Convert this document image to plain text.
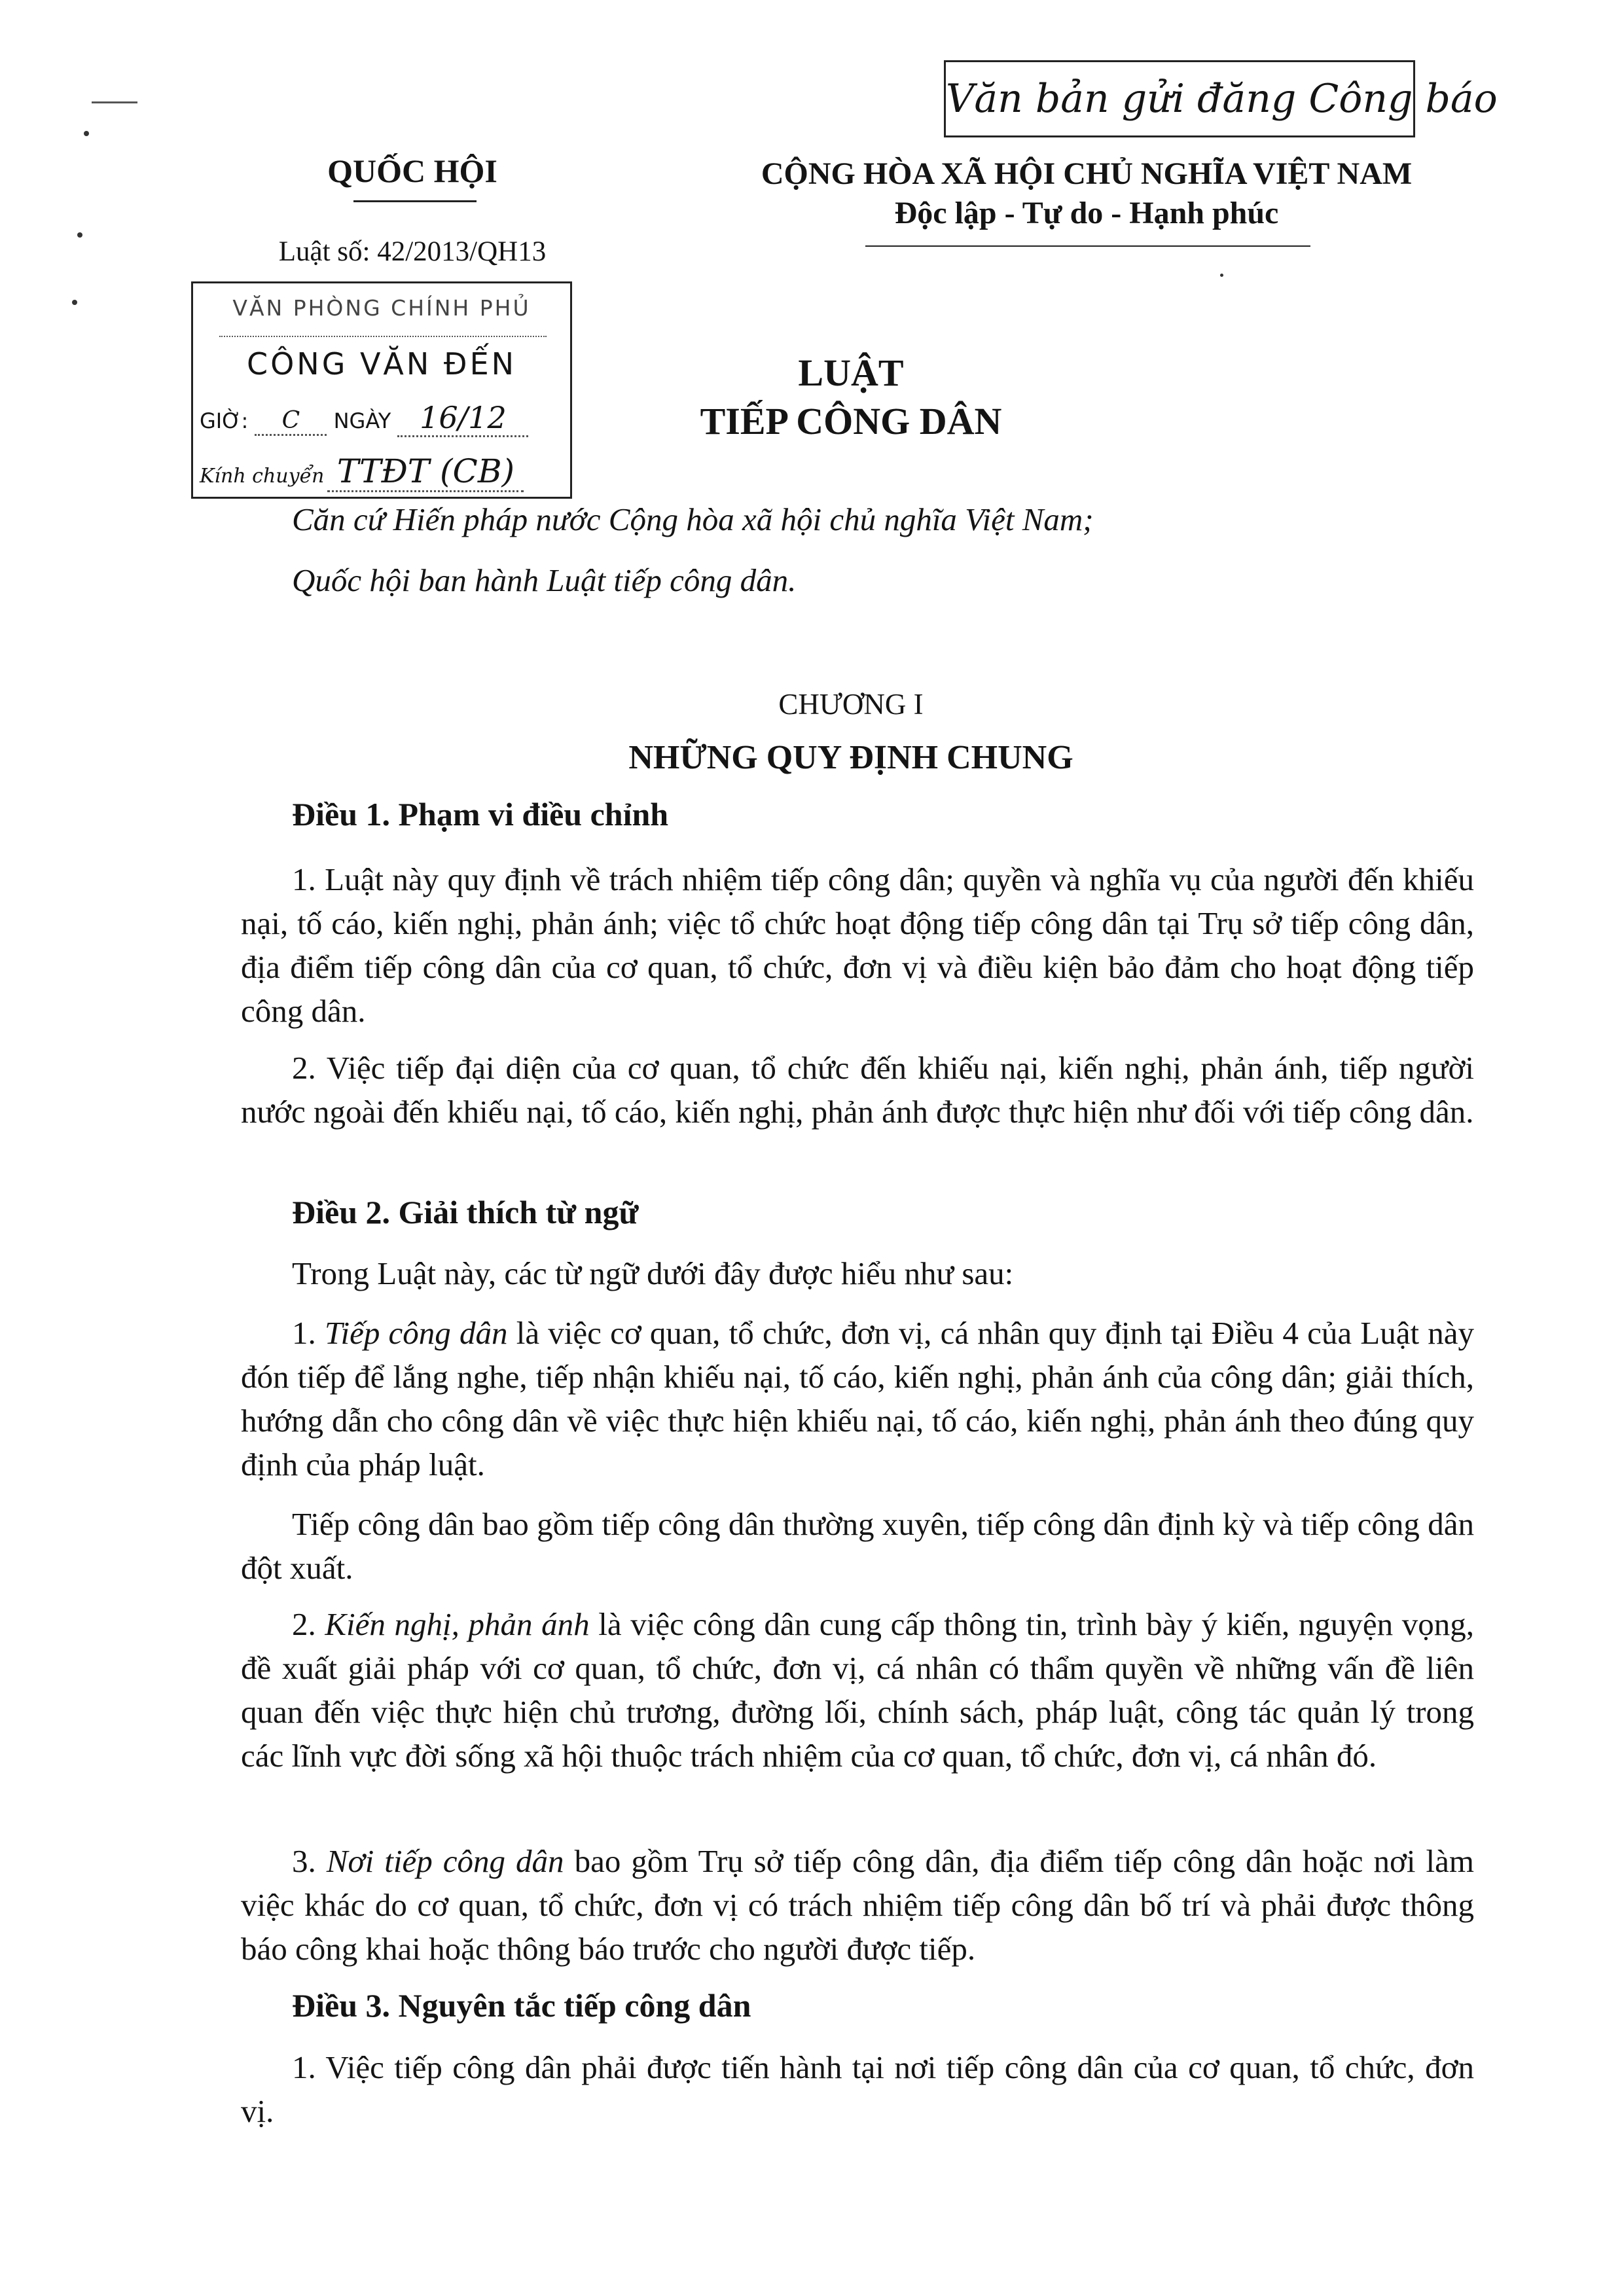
Văn bản gửi đăng Công báo
QUỐC HỘI
Luật số: 42/2013/QH13
CỘNG HÒA XÃ HỘI CHỦ NGHĨA VIỆT NAM
Độc lập - Tự do - Hạnh phúc
VĂN PHÒNG CHÍNH PHỦ
CÔNG VĂN ĐẾN
GIỜ: C NGÀY 16/12
Kính chuyển TTĐT (CB)
LUẬT
TIẾP CÔNG DÂN
Căn cứ Hiến pháp nước Cộng hòa xã hội chủ nghĩa Việt Nam;
Quốc hội ban hành Luật tiếp công dân.
CHƯƠNG I
NHỮNG QUY ĐỊNH CHUNG
Điều 1. Phạm vi điều chỉnh

1. Luật này quy định về trách nhiệm tiếp công dân; quyền và nghĩa vụ của người đến khiếu nại, tố cáo, kiến nghị, phản ánh; việc tổ chức hoạt động tiếp công dân tại Trụ sở tiếp công dân, địa điểm tiếp công dân của cơ quan, tổ chức, đơn vị và điều kiện bảo đảm cho hoạt động tiếp công dân.

2. Việc tiếp đại diện của cơ quan, tổ chức đến khiếu nại, kiến nghị, phản ánh, tiếp người nước ngoài đến khiếu nại, tố cáo, kiến nghị, phản ánh được thực hiện như đối với tiếp công dân.

Điều 2. Giải thích từ ngữ

Trong Luật này, các từ ngữ dưới đây được hiểu như sau:

1. Tiếp công dân là việc cơ quan, tổ chức, đơn vị, cá nhân quy định tại Điều 4 của Luật này đón tiếp để lắng nghe, tiếp nhận khiếu nại, tố cáo, kiến nghị, phản ánh của công dân; giải thích, hướng dẫn cho công dân về việc thực hiện khiếu nại, tố cáo, kiến nghị, phản ánh theo đúng quy định của pháp luật.

Tiếp công dân bao gồm tiếp công dân thường xuyên, tiếp công dân định kỳ và tiếp công dân đột xuất.

2. Kiến nghị, phản ánh là việc công dân cung cấp thông tin, trình bày ý kiến, nguyện vọng, đề xuất giải pháp với cơ quan, tổ chức, đơn vị, cá nhân có thẩm quyền về những vấn đề liên quan đến việc thực hiện chủ trương, đường lối, chính sách, pháp luật, công tác quản lý trong các lĩnh vực đời sống xã hội thuộc trách nhiệm của cơ quan, tổ chức, đơn vị, cá nhân đó.

3. Nơi tiếp công dân bao gồm Trụ sở tiếp công dân, địa điểm tiếp công dân hoặc nơi làm việc khác do cơ quan, tổ chức, đơn vị có trách nhiệm tiếp công dân bố trí và phải được thông báo công khai hoặc thông báo trước cho người được tiếp.

Điều 3. Nguyên tắc tiếp công dân

1. Việc tiếp công dân phải được tiến hành tại nơi tiếp công dân của cơ quan, tổ chức, đơn vị.
